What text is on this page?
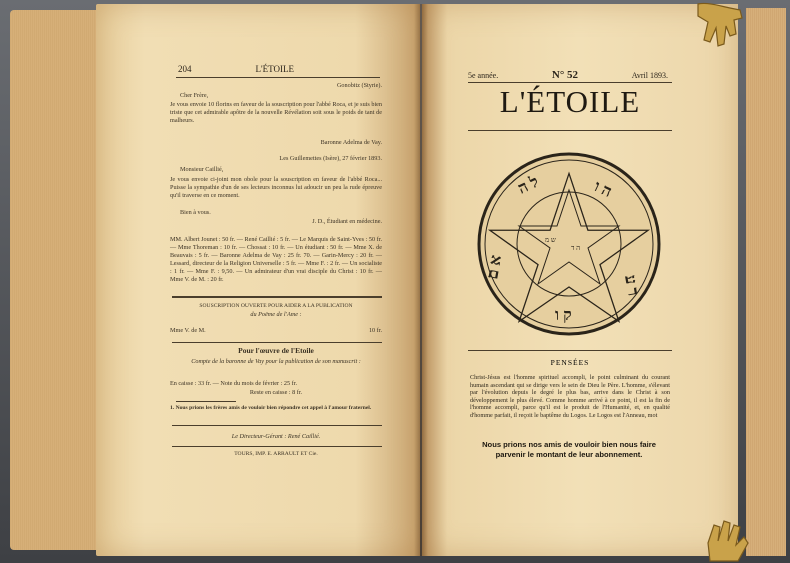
204	L'ÉTOILE
Gonobitz (Styrie).
Cher Frère,
Je vous envoie 10 florins en faveur de la souscription pour l'abbé Roca, et je suis bien triste que cet admirable apôtre de la nouvelle Révélation soit sous le poids de tant de malheurs.
Baronne Adelma de Vay.
Les Guillemettes (Isère), 27 février 1893.
Monsieur Caillié,
Je vous envoie ci-joint mon obole pour la souscription en faveur de l'abbé Roca... Puisse la sympathie d'un de ses lecteurs inconnus lui adoucir un peu la rude épreuve qu'il traverse en ce moment.
Bien à vous.
J. D., Étudiant en médecine.
MM. Albert Jounet : 50 fr. — René Caillié : 5 fr. — Le Marquis de Saint-Yves : 50 fr. — Mme Thoreman : 10 fr. — Chossat : 10 fr. — Un étudiant : 50 fr. — Mme X. de Beauvais : 5 fr. — Baronne Adelma de Vay : 25 fr. 70. — Garin-Mercy : 20 fr. — Lessard, directeur de la Religion Universelle : 5 fr. — Mme F. : 2 fr. — Un socialiste : 1 fr. — Mme F. : 9,50. — Un admirateur d'un vrai disciple du Christ : 10 fr. — Mme V. de M. : 20 fr.
SOUSCRIPTION OUVERTE POUR AIDER A LA PUBLICATION
du Poëme de l'Ame :
Mme V. de M.	10 fr.
Pour l'œuvre de l'Etoile
Compte de la baronne de Vay pour la publication de son manuscrit :
En caisse : 33 fr. — Note du mois de février : 25 fr.
Reste en caisse : 8 fr.
1. Nous prions les frères amis de vouloir bien répondre cet appel à l'amour fraternel.
Le Directeur-Gérant : René Caillié.
TOURS, IMP. E. ARRAULT ET Cie.
5e année.	N° 52	Avril 1893.
L'ÉTOILE
ל ה	ה ו
ר ע
ק ו
א ם
ש מ
ה ד
PENSÉES
Christ-Jésus est l'homme spirituel accompli, le point culminant du courant humain ascendant qui se dirige vers le sein de Dieu le Père. L'homme, s'élevant par l'évolution depuis le degré le plus bas, arrive dans le Christ à son développement le plus élevé. Comme homme arrivé à ce point, il est la fin de l'homme accompli, parce qu'il est le produit de l'Humanité, et, en qualité d'homme parfait, il reçoit le baptême du Logos. Le Logos est l'Anneau, mot
Nous prions nos amis de vouloir bien nous faire
parvenir le montant de leur abonnement.
